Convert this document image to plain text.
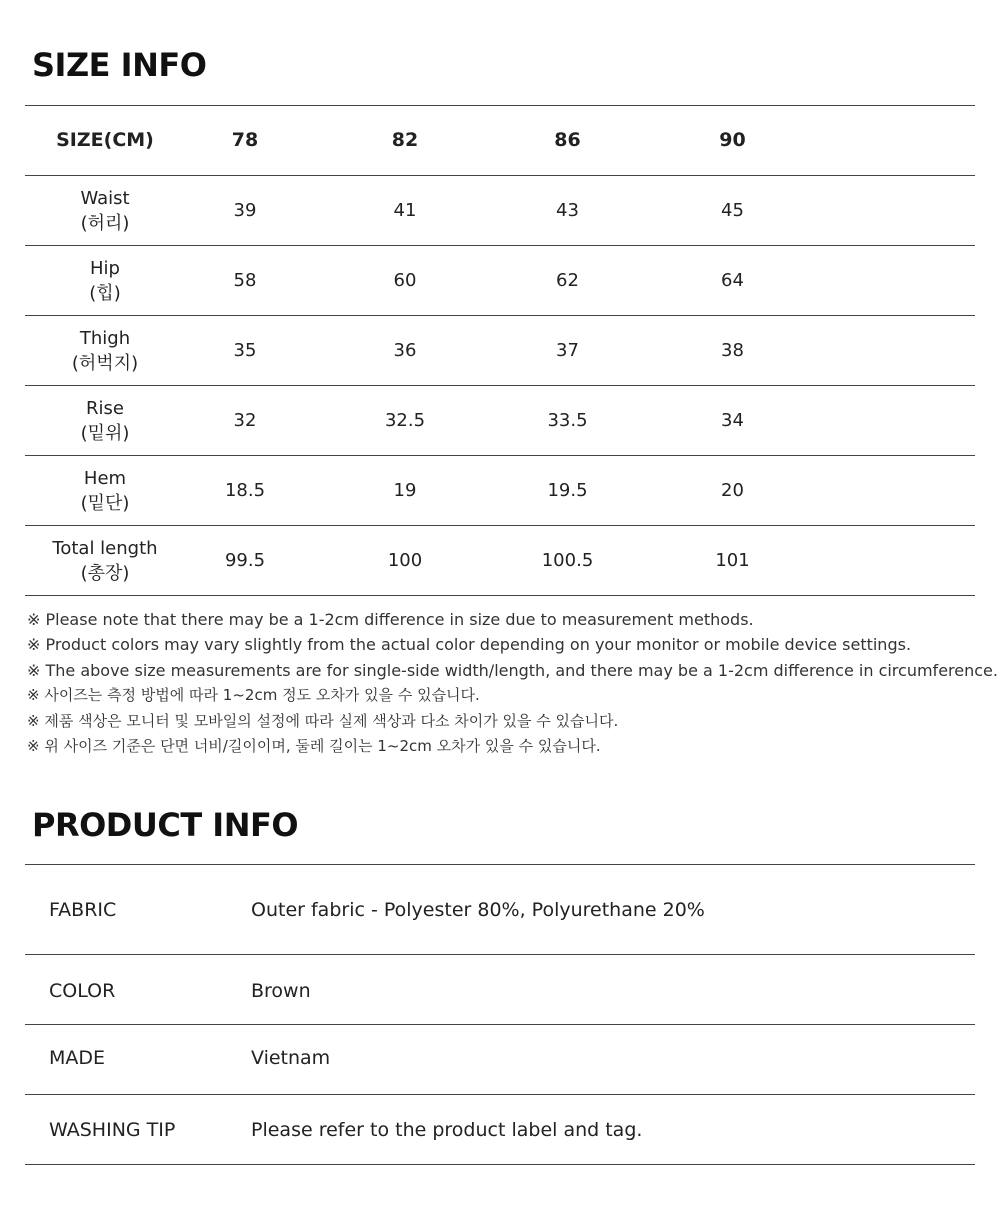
SIZE INFO
SIZE(CM)	78	82	86	90	

Waist
(허리)	39	41	43	45	

Hip
(힙)	58	60	62	64	

Thigh
(허벅지)	35	36	37	38	

Rise
(밑위)	32	32.5	33.5	34	

Hem
(밑단)	18.5	19	19.5	20	

Total length
(총장)	99.5	100	100.5	101	
※ Please note that there may be a 1-2cm difference in size due to measurement methods.
※ Product colors may vary slightly from the actual color depending on your monitor or mobile device settings.
※ The above size measurements are for single-side width/length, and there may be a 1-2cm difference in circumference.
※ 사이즈는 측정 방법에 따라 1~2cm 정도 오차가 있을 수 있습니다.
※ 제품 색상은 모니터 및 모바일의 설정에 따라 실제 색상과 다소 차이가 있을 수 있습니다.
※ 위 사이즈 기준은 단면 너비/길이이며, 둘레 길이는 1~2cm 오차가 있을 수 있습니다.
PRODUCT INFO
FABRIC	Outer fabric - Polyester 80%, Polyurethane 20%
COLOR	Brown
MADE	Vietnam
WASHING TIP	Please refer to the product label and tag.
